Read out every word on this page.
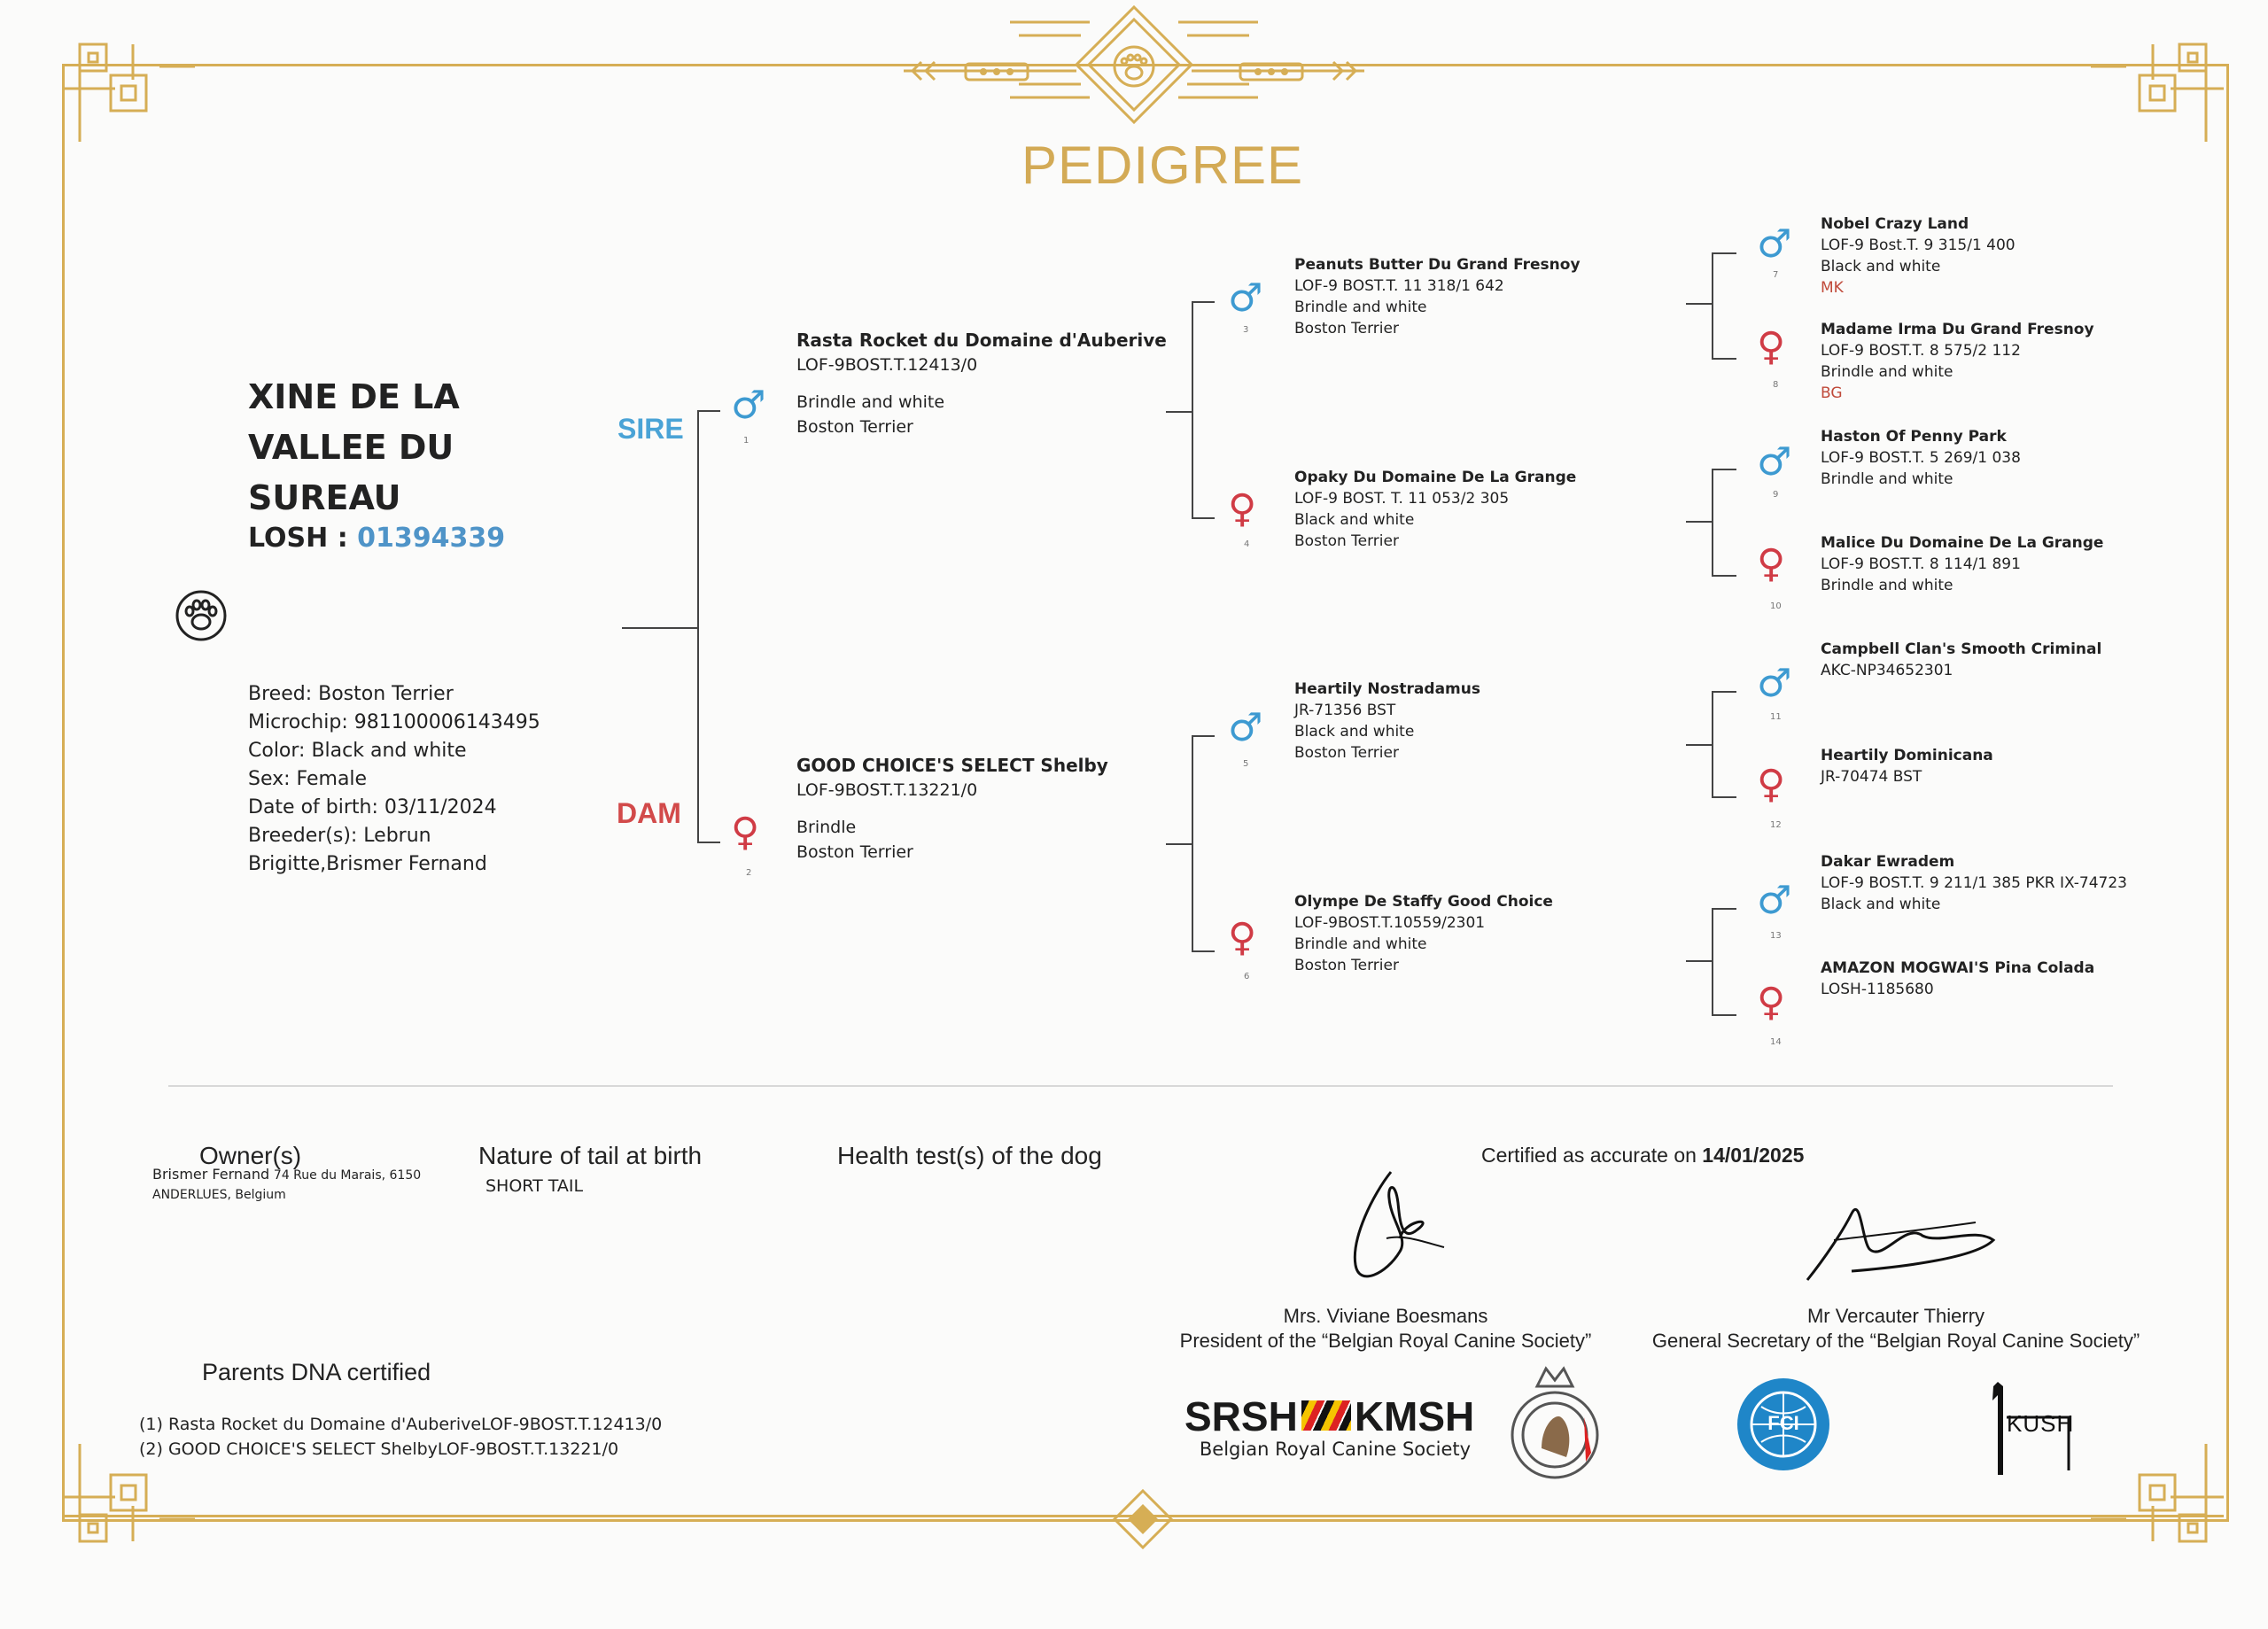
PEDIGREE
XINE DE LA VALLEE DU SUREAU
LOSH : 01394339
Breed: Boston Terrier
Microchip: 981100006143495
Color: Black and white
Sex: Female
Date of birth: 03/11/2024
Breeder(s): Lebrun
Brigitte,Brismer Fernand
SIRE
DAM
♂
1
Rasta Rocket du Domaine d'Auberive
LOF-9BOST.T.12413/0
Brindle and white
Boston Terrier
♀
2
GOOD CHOICE'S SELECT Shelby
LOF-9BOST.T.13221/0
Brindle
Boston Terrier
♂
3
Peanuts Butter Du Grand Fresnoy
LOF-9 BOST.T. 11 318/1 642
Brindle and white
Boston Terrier
♀
4
Opaky Du Domaine De La Grange
LOF-9 BOST. T. 11 053/2 305
Black and white
Boston Terrier
♂
5
Heartily Nostradamus
JR-71356 BST
Black and white
Boston Terrier
♀
6
Olympe De Staffy Good Choice
LOF-9BOST.T.10559/2301
Brindle and white
Boston Terrier
♂
7
Nobel Crazy Land
LOF-9 Bost.T. 9 315/1 400
Black and white
MK
♀
8
Madame Irma Du Grand Fresnoy
LOF-9 BOST.T. 8 575/2 112
Brindle and white
BG
♂
9
Haston Of Penny Park
LOF-9 BOST.T. 5 269/1 038
Brindle and white
♀
10
Malice Du Domaine De La Grange
LOF-9 BOST.T. 8 114/1 891
Brindle and white
♂
11
Campbell Clan's Smooth Criminal
AKC-NP34652301
♀
12
Heartily Dominicana
JR-70474 BST
♂
13
Dakar Ewradem
LOF-9 BOST.T. 9 211/1 385 PKR IX-74723
Black and white
♀
14
AMAZON MOGWAI'S Pina Colada
LOSH-1185680
Owner(s)
Brismer Fernand 74 Rue du Marais, 6150
ANDERLUES, Belgium
Nature of tail at birth
SHORT TAIL
Health test(s) of the dog	Certified as accurate on 14/01/2025
Mrs. Viviane Boesmans
President of the “Belgian Royal Canine Society”
Mr Vercauter Thierry
General Secretary of the “Belgian Royal Canine Society”
Parents DNA certified
(1) Rasta Rocket du Domaine d'AuberiveLOF-9BOST.T.12413/0
(2) GOOD CHOICE'S SELECT ShelbyLOF-9BOST.T.13221/0
SRSH KMSH
Belgian Royal Canine Society
FCI	KUSH
